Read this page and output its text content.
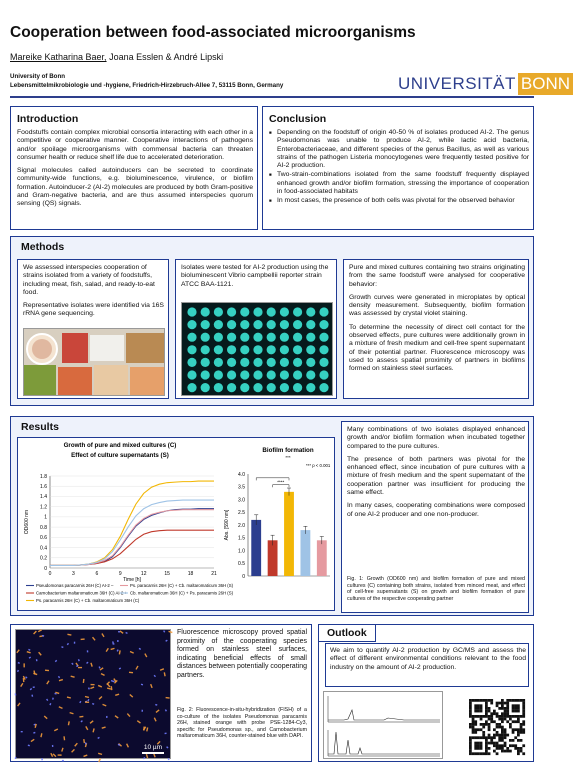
Cooperation between food-associated microorganisms
Mareike Katharina Baer, Joana Esslen & André Lipski
University of Bonn
Lebensmittelmikrobiologie und -hygiene, Friedrich-Hirzebruch-Allee 7, 53115 Bonn, Germany	UNIVERSITÄT BONN
Introduction

Foodstuffs contain complex microbial consortia interacting with each other in a competitive or cooperative manner. Cooperative interactions of pathogens and/or spoilage microorganisms with commensal bacteria can threaten consumer health or reduce shelf life due to accelerated deterioration.

Signal molecules called autoinducers can be secreted to coordinate community-wide functions, e.g. bioluminescence, virulence, or biofilm formation. Autoinducer-2 (AI-2) molecules are produced by both Gram-positive and Gram-negative bacteria, and are thus assumed interspecies quorum sensing (QS) signals.

Conclusion
■ Depending on the foodstuff of origin 40-50 % of isolates produced AI-2. The genus Pseudomonas was unable to produce AI-2, while lactic acid bacteria, Enterobacteriaceae, and different species of the genus Bacillus, as well as various strains of the pathogen Listeria monocytogenes were frequently tested positive for AI-2 production.
■ Two-strain-combinations isolated from the same foodstuff frequently displayed enhanced growth and/or biofilm formation, stressing the importance of cooperation in food-associated habitats
■ In most cases, the presence of both cells was pivotal for the observed behavior
Methods

We assessed interspecies cooperation of strains isolated from a variety of foodstuffs, including meat, fish, salad, and ready-to-eat food.

Representative isolates were identified via 16S rRNA gene sequencing.

Isolates were tested for AI-2 production using the bioluminescent Vibrio campbellii reporter strain ATCC BAA-1121.

Pure and mixed cultures containing two strains originating from the same foodstuff were analysed for cooperative behavior:

Growth curves were generated in microplates by optical density measurement. Subsequently, biofilm formation was assessed by crystal violet staining.

To determine the necessity of direct cell contact for the observed effects, pure cultures were additionally grown in a mixture of fresh medium and cell-free spent supernatant of their potential partner. Fluorescence microscopy was used to assess spatial proximity of partners in biofilms formed on stainless steel surfaces.

Results
Growth of pure and mixed cultures (C)
Effect of culture supernatants (S)
0
0.2
0.4
0.6
0.8
1
1.2
1.4
1.6
1.8
0	3	6	9	12	15	18	21
Time [h]
OD600 nm
Pseudomonas paracarnis 26H (C) AI-2 –	Ps. paracarnis 26H (C) + Cb. maltaromaticum 36H (S)
Carnobacterium maltaromaticum 36H (C) AI-2 + Cb. maltaromaticum 36H (C) + Ps. paracarnis 26H (S)
Ps. paracarnis 26H (C) + Cb. maltaromaticum 36H (C)
Biofilm formation
***
*** p < 0.001
0
0.5
1.0
1.5
2.0
2.5
3.0
3.5
4.0
Abs. [590 nm]
****

Many combinations of two isolates displayed enhanced growth and/or biofilm formation when incubated together compared to the pure cultures.

The presence of both partners was pivotal for the enhanced effect, since incubation of pure cultures with a mixture of fresh medium and the spent supernatant of the cooperation partner was insufficient for producing the same effect.

In many cases, cooperating combinations were composed of one AI-2 producer and one non-producer.

Fig. 1: Growth (OD600 nm) and biofilm formation of pure and mixed cultures (C) containing both strains, isolated from minced meat, and effect of cell-free supernatants (S) on growth and biofilm formation of pure cultures of the respective cooperating partner
10 µm
Fluorescence microscopy proved spatial proximity of the cooperating species formed on stainless steel surfaces, indicating beneficial effects of small distances between potentially cooperating partners.
Fig. 2: Fluorescence-in-situ-hybridization (FISH) of a co-culture of the isolates Pseudomonas paracarnis 26H, stained orange with probe PSE-1284-Cy3, specific for Pseudomonas sp., and Carnobacterium maltaromaticum 36H, counter-stained blue with DAPI.
Outlook
We aim to quantify AI-2 production by GC/MS and assess the effect of different environmental conditions relevant to the food industry on the amount of AI-2 production.
